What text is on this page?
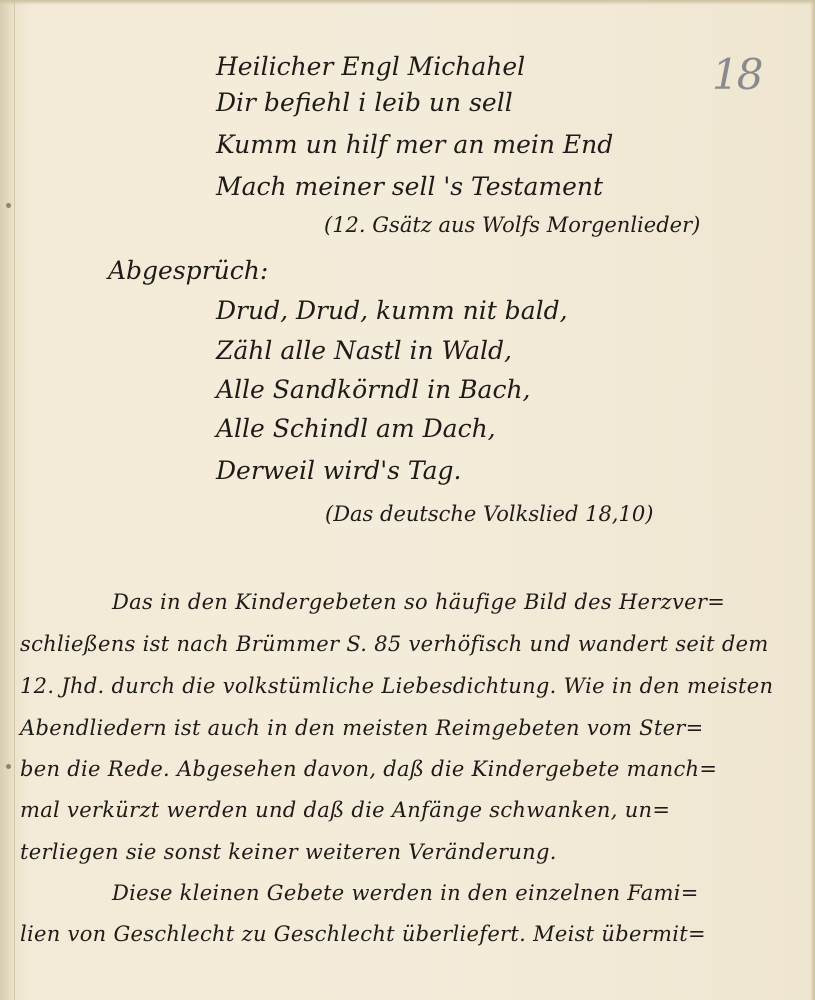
18
Heilicher Engl Michahel
Dir befiehl i leib un sell
Kumm un hilf mer an mein End
Mach meiner sell 's Testament
(12. Gsätz aus Wolfs Morgenlieder)
Abgesprüch:
Drud, Drud, kumm nit bald,
Zähl alle Nastl in Wald,
Alle Sandkörndl in Bach,
Alle Schindl am Dach,
Derweil wird's Tag.
(Das deutsche Volkslied 18,10)
Das in den Kindergebeten so häufige Bild des Herzver=
schließens ist nach Brümmer S. 85 verhöfisch und wandert seit dem
12. Jhd. durch die volkstümliche Liebesdichtung. Wie in den meisten
Abendliedern ist auch in den meisten Reimgebeten vom Ster=
ben die Rede. Abgesehen davon, daß die Kindergebete manch=
mal verkürzt werden und daß die Anfänge schwanken, un=
terliegen sie sonst keiner weiteren Veränderung.
Diese kleinen Gebete werden in den einzelnen Fami=
lien von Geschlecht zu Geschlecht überliefert. Meist übermit=
